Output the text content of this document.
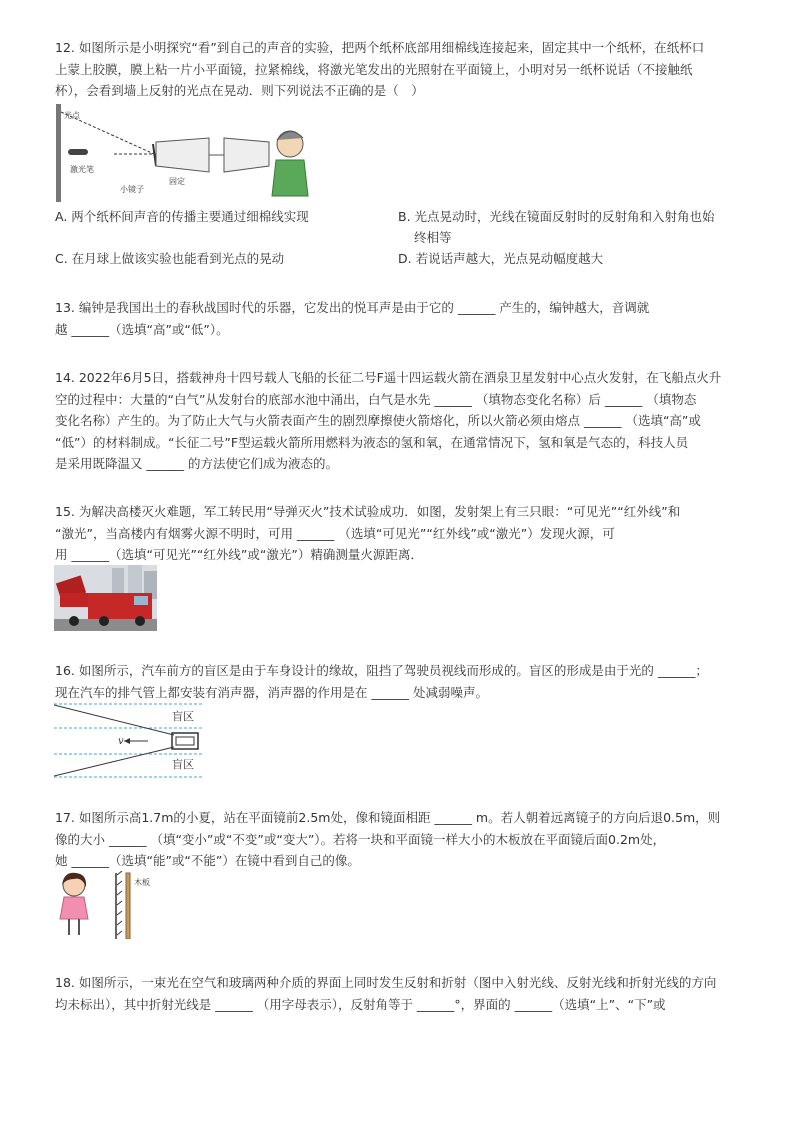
12. 如图所示是小明探究“看”到自己的声音的实验，把两个纸杯底部用细棉线连接起来，固定其中一个纸杯，在纸杯口
上蒙上胶膜，膜上粘一片小平面镜，拉紧棉线，将激光笔发出的光照射在平面镜上，小明对另一纸杯说话（不接触纸
杯），会看到墙上反射的光点在晃动．则下列说法不正确的是（　）
光点
激光笔
小镜子
固定
A. 两个纸杯间声音的传播主要通过细棉线实现	B. 光点晃动时，光线在镜面反射时的反射角和入射角也始
终相等
C. 在月球上做该实验也能看到光点的晃动	D. 若说话声越大，光点晃动幅度越大
13. 编钟是我国出土的春秋战国时代的乐器，它发出的悦耳声是由于它的 ______ 产生的，编钟越大，音调就
越 ______（选填“高”或“低”）。
14. 2022年6月5日，搭载神舟十四号载人飞船的长征二号F遥十四运载火箭在酒泉卫星发射中心点火发射，在飞船点火升
空的过程中：大量的“白气”从发射台的底部水池中涌出，白气是水先 ______ （填物态变化名称）后 ______ （填物态
变化名称）产生的。为了防止大气与火箭表面产生的剧烈摩擦使火箭熔化，所以火箭必须由熔点 ______ （选填“高”或
“低”）的材料制成。“长征二号”F型运载火箭所用燃料为液态的氢和氧，在通常情况下，氢和氧是气态的，科技人员
是采用既降温又 ______ 的方法使它们成为液态的。
15. 为解决高楼灭火难题，军工转民用“导弹灭火”技术试验成功．如图，发射架上有三只眼：“可见光”“红外线”和
“激光”，当高楼内有烟雾火源不明时，可用 ______ （选填“可见光”“红外线”或“激光”）发现火源，可
用 ______（选填“可见光”“红外线”或“激光”）精确测量火源距离．
16. 如图所示，汽车前方的盲区是由于车身设计的缘故，阻挡了驾驶员视线而形成的。盲区的形成是由于光的 ______；
现在汽车的排气管上都安装有消声器，消声器的作用是在 ______ 处减弱噪声。
盲区
盲区
v
17. 如图所示高1.7m的小夏，站在平面镜前2.5m处，像和镜面相距 ______ m。若人朝着远离镜子的方向后退0.5m，则
像的大小 ______ （填“变小”或“不变”或“变大”）。若将一块和平面镜一样大小的木板放在平面镜后面0.2m处，
她 ______（选填“能”或“不能”）在镜中看到自己的像。
木板
18. 如图所示，一束光在空气和玻璃两种介质的界面上同时发生反射和折射（图中入射光线、反射光线和折射光线的方向
均未标出），其中折射光线是 ______ （用字母表示），反射角等于 ______°，界面的 ______（选填“上”、“下”或
